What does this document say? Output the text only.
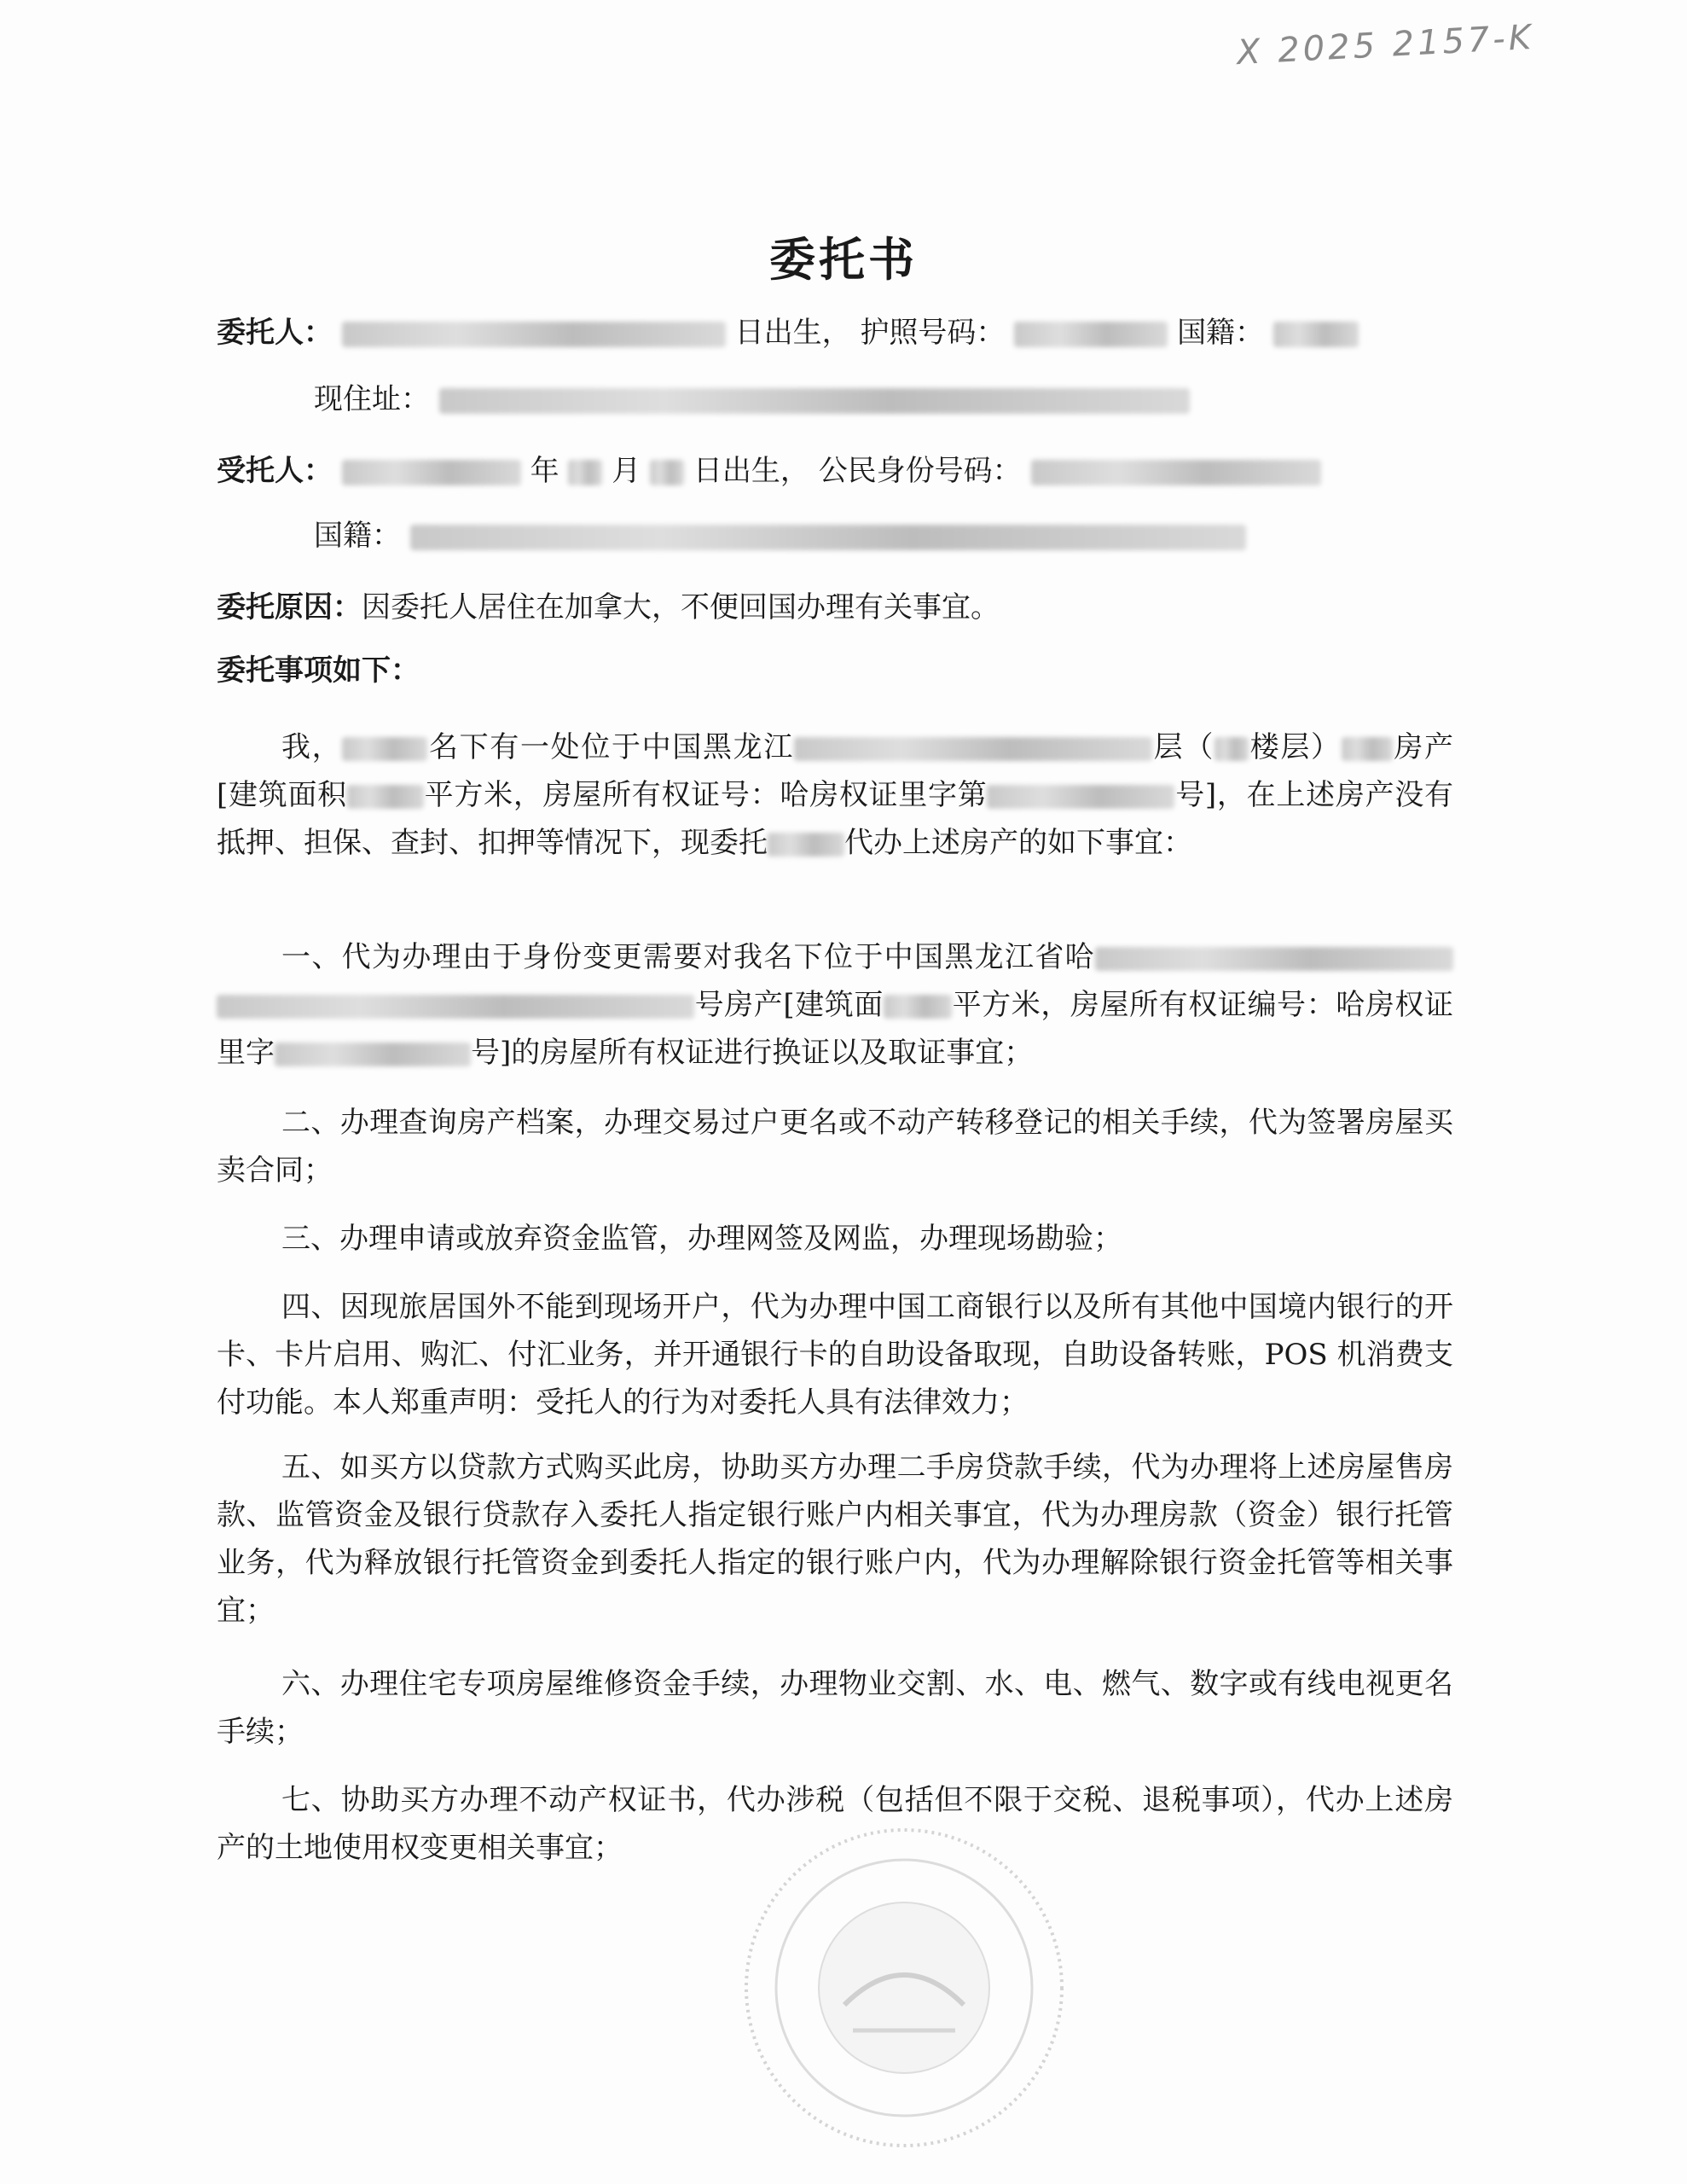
X 2025 2157-K
委托书
委托人：	日出生， 护照号码：	国籍：
现住址：
受托人：	年 月 日出生， 公民身份号码：
国籍：
委托原因：因委托人居住在加拿大，不便回国办理有关事宜。
委托事项如下：
我，	名下有一处位于中国黑龙江	层（ 楼层） 房产[建筑面积	平方米，房屋所有权证号：哈房权证里字第	号]，在上述房产没有抵押、担保、查封、扣押等情况下，现委托	代办上述房产的如下事宜：
一、代为办理由于身份变更需要对我名下位于中国黑龙江省哈号房产[建筑面 平方米，房屋所有权证编号：哈房权证里字	号]的房屋所有权证进行换证以及取证事宜；
二、办理查询房产档案，办理交易过户更名或不动产转移登记的相关手续，代为签署房屋买卖合同；
三、办理申请或放弃资金监管，办理网签及网监，办理现场勘验；
四、因现旅居国外不能到现场开户，代为办理中国工商银行以及所有其他中国境内银行的开卡、卡片启用、购汇、付汇业务，并开通银行卡的自助设备取现，自助设备转账，POS 机消费支付功能。本人郑重声明：受托人的行为对委托人具有法律效力；
五、如买方以贷款方式购买此房，协助买方办理二手房贷款手续，代为办理将上述房屋售房款、监管资金及银行贷款存入委托人指定银行账户内相关事宜，代为办理房款（资金）银行托管业务，代为释放银行托管资金到委托人指定的银行账户内，代为办理解除银行资金托管等相关事宜；
六、办理住宅专项房屋维修资金手续，办理物业交割、水、电、燃气、数字或有线电视更名手续；
七、协助买方办理不动产权证书，代办涉税（包括但不限于交税、退税事项），代办上述房产的土地使用权变更相关事宜；
